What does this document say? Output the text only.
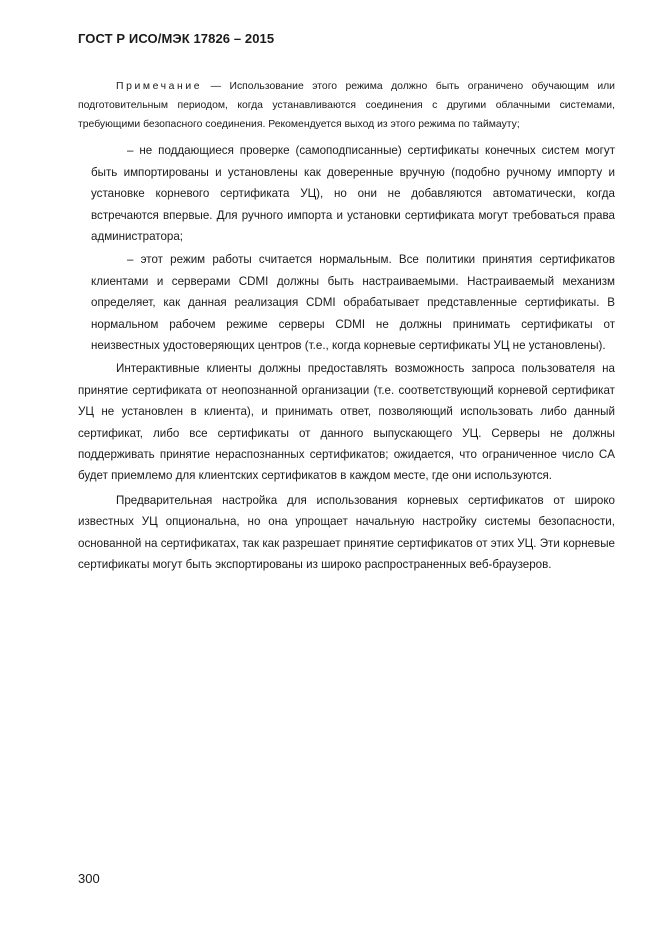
ГОСТ Р ИСО/МЭК 17826 – 2015

Примечание — Использование этого режима должно быть ограничено обучающим или подготовительным периодом, когда устанавливаются соединения с другими облачными системами, требующими безопасного соединения. Рекомендуется выход из этого режима по таймауту;

– не поддающиеся проверке (самоподписанные) сертификаты конечных систем могут быть импортированы и установлены как доверенные вручную (подобно ручному импорту и установке корневого сертификата УЦ), но они не добавляются автоматически, когда встречаются впервые. Для ручного импорта и установки сертификата могут требоваться права администратора;

– этот режим работы считается нормальным. Все политики принятия сертификатов клиентами и серверами CDMI должны быть настраиваемыми. Настраиваемый механизм определяет, как данная реализация CDMI обрабатывает представленные сертификаты. В нормальном рабочем режиме серверы CDMI не должны принимать сертификаты от неизвестных удостоверяющих центров (т.е., когда корневые сертификаты УЦ не установлены).

Интерактивные клиенты должны предоставлять возможность запроса пользователя на принятие сертификата от неопознанной организации (т.е. соответствующий корневой сертификат УЦ не установлен в клиента), и принимать ответ, позволяющий использовать либо данный сертификат, либо все сертификаты от данного выпускающего УЦ. Серверы не должны поддерживать принятие нераспознанных сертификатов; ожидается, что ограниченное число CA будет приемлемо для клиентских сертификатов в каждом месте, где они используются.

Предварительная настройка для использования корневых сертификатов от широко известных УЦ опциональна, но она упрощает начальную настройку системы безопасности, основанной на сертификатах, так как разрешает принятие сертификатов от этих УЦ. Эти корневые сертификаты могут быть экспортированы из широко распространенных веб-браузеров.

300
